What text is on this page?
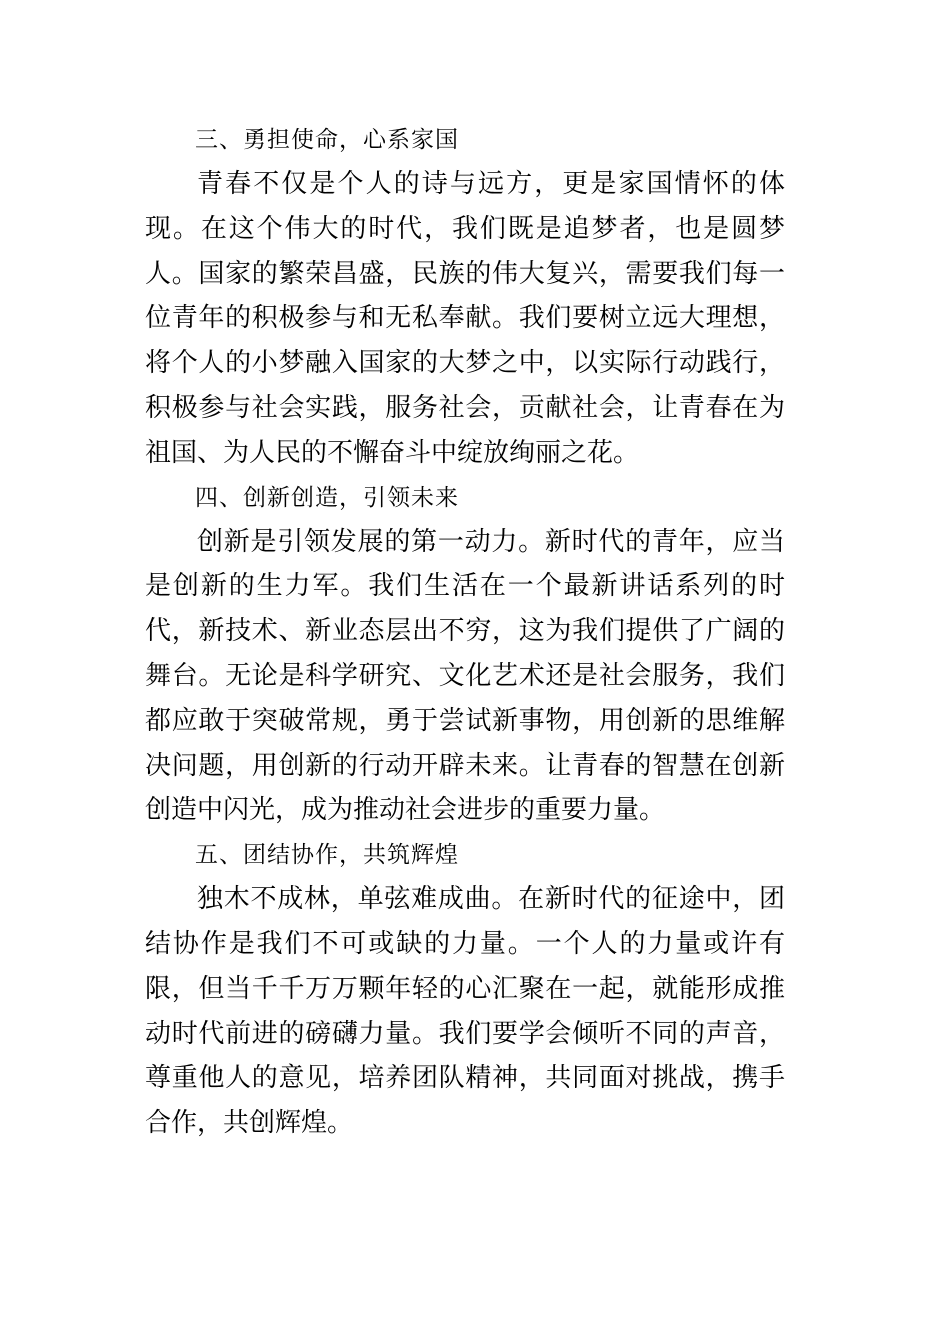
三、勇担使命，心系家国

青春不仅是个人的诗与远方，更是家国情怀的体现。在这个伟大的时代，我们既是追梦者，也是圆梦人。国家的繁荣昌盛，民族的伟大复兴，需要我们每一位青年的积极参与和无私奉献。我们要树立远大理想，将个人的小梦融入国家的大梦之中，以实际行动践行，积极参与社会实践，服务社会，贡献社会，让青春在为祖国、为人民的不懈奋斗中绽放绚丽之花。

四、创新创造，引领未来

创新是引领发展的第一动力。新时代的青年，应当是创新的生力军。我们生活在一个最新讲话系列的时代，新技术、新业态层出不穷，这为我们提供了广阔的舞台。无论是科学研究、文化艺术还是社会服务，我们都应敢于突破常规，勇于尝试新事物，用创新的思维解决问题，用创新的行动开辟未来。让青春的智慧在创新创造中闪光，成为推动社会进步的重要力量。

五、团结协作，共筑辉煌

独木不成林，单弦难成曲。在新时代的征途中，团结协作是我们不可或缺的力量。一个人的力量或许有限，但当千千万万颗年轻的心汇聚在一起，就能形成推动时代前进的磅礴力量。我们要学会倾听不同的声音，尊重他人的意见，培养团队精神，共同面对挑战，携手合作，共创辉煌。
